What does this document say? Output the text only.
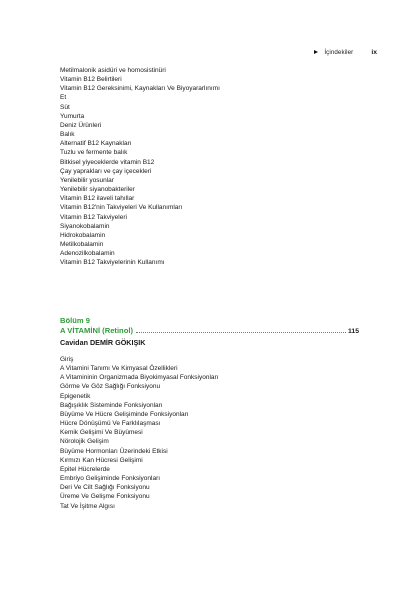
İçindekiler	ix
Metilmalonik asidüri ve homosistinüri
Vitamin B12 Belirtileri
Vitamin B12 Gereksinimi, Kaynakları Ve Biyoyararlınımı
Et
Süt
Yumurta
Deniz Ürünleri
Balık
Alternatif B12 Kaynakları
Tuzlu ve fermente balık
Bitkisel yiyeceklerde vitamin B12
Çay yaprakları ve çay içecekleri
Yenilebilir yosunlar
Yenilebilir siyanobakteriler
Vitamin B12 ilaveli tahıllar
Vitamin B12'nin Takviyeleri Ve Kullanımları
Vitamin B12 Takviyeleri
Siyanokobalamin
Hidrokobalamin
Metilkobalamin
Adenozilkobalamin
Vitamin B12 Takviyelerinin Kullanımı
Bölüm 9
A VİTAMİNİ (Retinol)	115
Cavidan DEMİR GÖKIŞIK
Giriş
A Vitamini Tanımı Ve Kimyasal Özellikleri
A Vitamininin Organizmada Biyokimyasal Fonksiyonları
Görme Ve Göz Sağlığı Fonksiyonu
Epigenetik
Bağışıklık Sisteminde Fonksiyonları
Büyüme Ve Hücre Gelişiminde Fonksiyonları
Hücre Dönüşümü Ve Farklılaşması
Kemik Gelişimi Ve Büyümesi
Nörolojik Gelişim
Büyüme Hormonları Üzerindeki Etkisi
Kırmızı Kan Hücresi Gelişimi
Epitel Hücrelerde
Embriyo Gelişiminde Fonksiyonları
Deri Ve Cilt Sağlığı Fonksiyonu
Üreme Ve Gelişme Fonksiyonu
Tat Ve İşitme Algısı
